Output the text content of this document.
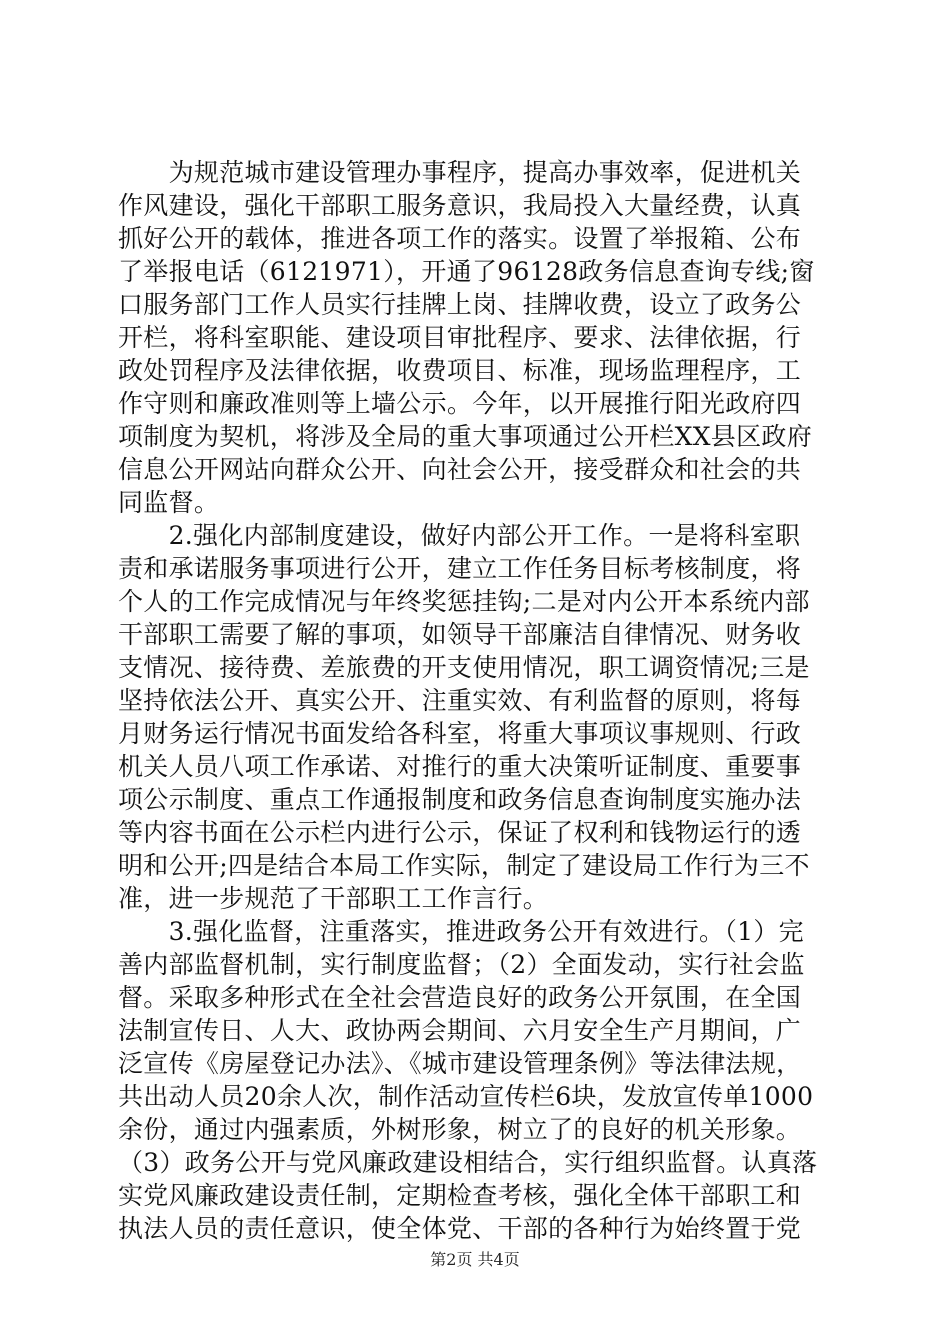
　　为规范城市建设管理办事程序，提高办事效率，促进机关
作风建设，强化干部职工服务意识，我局投入大量经费，认真
抓好公开的载体，推进各项工作的落实。设置了举报箱、公布
了举报电话（6121971），开通了96128政务信息查询专线;窗
口服务部门工作人员实行挂牌上岗、挂牌收费，设立了政务公
开栏，将科室职能、建设项目审批程序、要求、法律依据，行
政处罚程序及法律依据，收费项目、标准，现场监理程序，工
作守则和廉政准则等上墙公示。今年，以开展推行阳光政府四
项制度为契机，将涉及全局的重大事项通过公开栏XX县区政府
信息公开网站向群众公开、向社会公开，接受群众和社会的共
同监督。

　　2.强化内部制度建设，做好内部公开工作。一是将科室职
责和承诺服务事项进行公开，建立工作任务目标考核制度，将
个人的工作完成情况与年终奖惩挂钩;二是对内公开本系统内部
干部职工需要了解的事项，如领导干部廉洁自律情况、财务收
支情况、接待费、差旅费的开支使用情况，职工调资情况;三是
坚持依法公开、真实公开、注重实效、有利监督的原则，将每
月财务运行情况书面发给各科室，将重大事项议事规则、行政
机关人员八项工作承诺、对推行的重大决策听证制度、重要事
项公示制度、重点工作通报制度和政务信息查询制度实施办法
等内容书面在公示栏内进行公示，保证了权利和钱物运行的透
明和公开;四是结合本局工作实际，制定了建设局工作行为三不
准，进一步规范了干部职工工作言行。

　　3.强化监督，注重落实，推进政务公开有效进行。（1）完
善内部监督机制，实行制度监督；（2）全面发动，实行社会监
督。采取多种形式在全社会营造良好的政务公开氛围，在全国
法制宣传日、人大、政协两会期间、六月安全生产月期间，广
泛宣传《房屋登记办法》、《城市建设管理条例》等法律法规，
共出动人员20余人次，制作活动宣传栏6块，发放宣传单1000
余份，通过内强素质，外树形象，树立了的良好的机关形象。
（3）政务公开与党风廉政建设相结合，实行组织监督。认真落
实党风廉政建设责任制，定期检查考核，强化全体干部职工和
执法人员的责任意识，使全体党、干部的各种行为始终置于党

第2页 共4页
